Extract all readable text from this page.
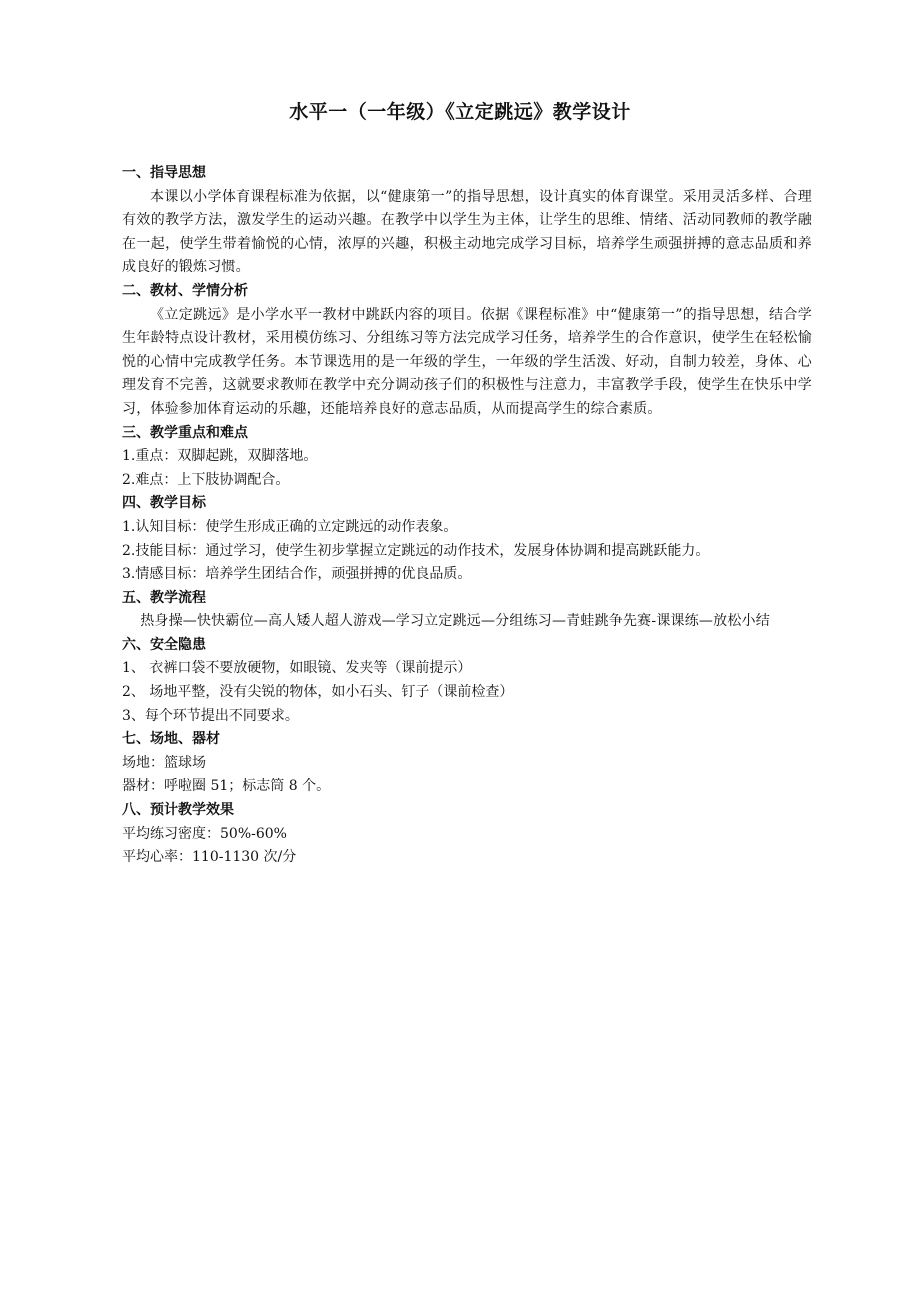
水平一（一年级）《立定跳远》教学设计

一、指导思想

本课以小学体育课程标准为依据，以“健康第一”的指导思想，设计真实的体育课堂。采用灵活多样、合理有效的教学方法，激发学生的运动兴趣。在教学中以学生为主体，让学生的思维、情绪、活动同教师的教学融在一起，使学生带着愉悦的心情，浓厚的兴趣，积极主动地完成学习目标，培养学生顽强拼搏的意志品质和养成良好的锻炼习惯。

二、教材、学情分析

《立定跳远》是小学水平一教材中跳跃内容的项目。依据《课程标准》中“健康第一”的指导思想，结合学生年龄特点设计教材，采用模仿练习、分组练习等方法完成学习任务，培养学生的合作意识，使学生在轻松愉悦的心情中完成教学任务。本节课选用的是一年级的学生，一年级的学生活泼、好动，自制力较差，身体、心理发育不完善，这就要求教师在教学中充分调动孩子们的积极性与注意力，丰富教学手段，使学生在快乐中学习，体验参加体育运动的乐趣，还能培养良好的意志品质，从而提高学生的综合素质。

三、教学重点和难点

1.重点：双脚起跳，双脚落地。

2.难点：上下肢协调配合。

四、教学目标

1.认知目标：使学生形成正确的立定跳远的动作表象。

2.技能目标：通过学习，使学生初步掌握立定跳远的动作技术，发展身体协调和提高跳跃能力。

3.情感目标：培养学生团结合作，顽强拼搏的优良品质。

五、教学流程

热身操—快快霸位—高人矮人超人游戏—学习立定跳远—分组练习—青蛙跳争先赛-课课练—放松小结

六、安全隐患

1、 衣裤口袋不要放硬物，如眼镜、发夹等（课前提示）

2、 场地平整，没有尖锐的物体，如小石头、钉子（课前检查）

3、每个环节提出不同要求。

七、场地、器材

场地：篮球场

器材：呼啦圈 51；标志筒 8 个。

八、预计教学效果

平均练习密度：50%-60%

平均心率：110-1130 次/分
